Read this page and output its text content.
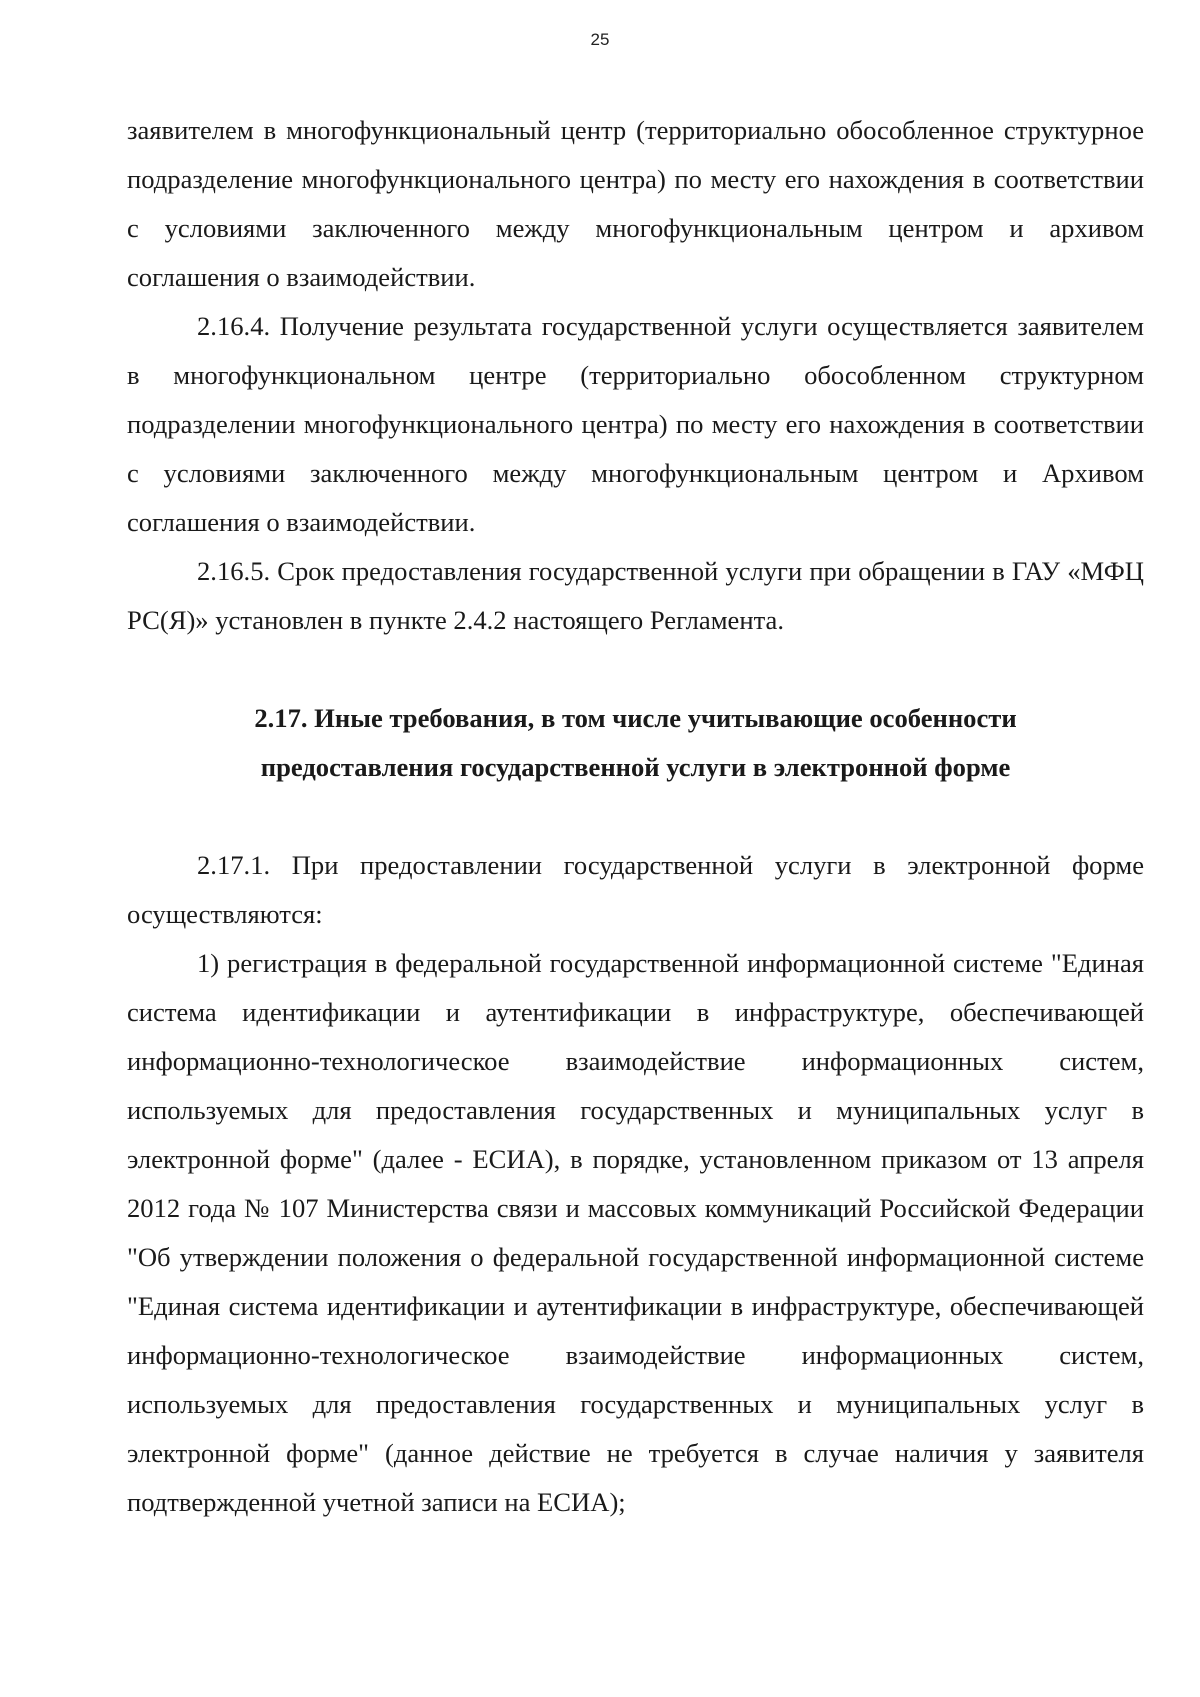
25

заявителем в многофункциональный центр (территориально обособленное структурное подразделение многофункционального центра) по месту его нахождения в соответствии с условиями заключенного между многофункциональным центром и архивом соглашения о взаимодействии.

2.16.4. Получение результата государственной услуги осуществляется заявителем в многофункциональном центре (территориально обособленном структурном подразделении многофункционального центра) по месту его нахождения в соответствии с условиями заключенного между многофункциональным центром и Архивом соглашения о взаимодействии.

2.16.5. Срок предоставления государственной услуги при обращении в ГАУ «МФЦ РС(Я)» установлен в пункте 2.4.2 настоящего Регламента.

2.17. Иные требования, в том числе учитывающие особенности предоставления государственной услуги в электронной форме

2.17.1. При предоставлении государственной услуги в электронной форме осуществляются:

1) регистрация в федеральной государственной информационной системе "Единая система идентификации и аутентификации в инфраструктуре, обеспечивающей информационно-технологическое взаимодействие информационных систем, используемых для предоставления государственных и муниципальных услуг в электронной форме" (далее - ЕСИА), в порядке, установленном приказом от 13 апреля 2012 года № 107 Министерства связи и массовых коммуникаций Российской Федерации "Об утверждении положения о федеральной государственной информационной системе "Единая система идентификации и аутентификации в инфраструктуре, обеспечивающей информационно-технологическое взаимодействие информационных систем, используемых для предоставления государственных и муниципальных услуг в электронной форме" (данное действие не требуется в случае наличия у заявителя подтвержденной учетной записи на ЕСИА);
